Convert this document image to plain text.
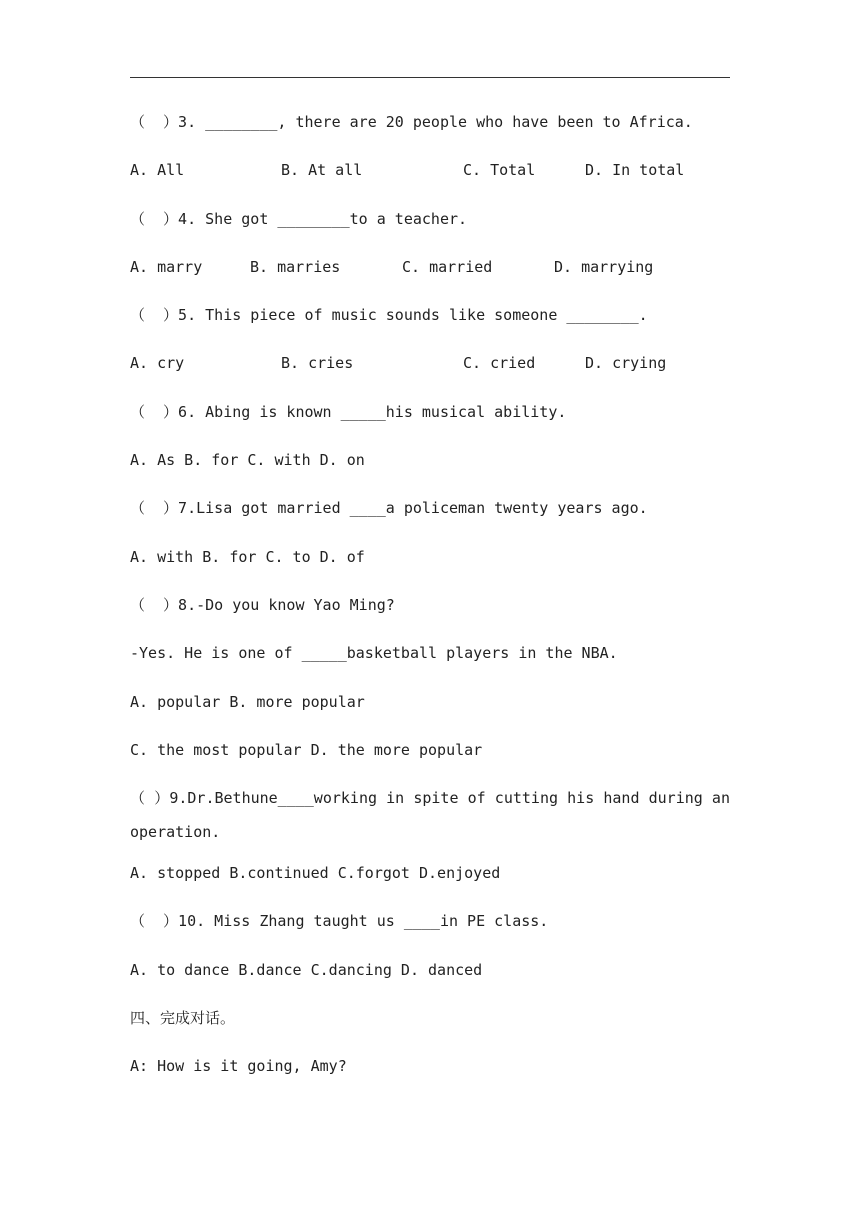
（  ）3. ________, there are 20 people who have been to Africa.
A. All	B. At all	C. Total	D. In total
（  ）4. She got ________to a teacher.
A. marry	B. marries	C. married	D. marrying
（  ）5. This piece of music sounds like someone ________.
A. cry	B. cries	C. cried	D. crying
（  ）6. Abing is known _____his musical ability.
A. As B. for C. with D. on
（  ）7.Lisa got married ____a policeman twenty years ago.
A. with B. for C. to D. of
（  ）8.-Do you know Yao Ming?
-Yes. He is one of _____basketball players in the NBA.
A. popular B. more popular
C. the most popular D. the more popular
（ ）9.Dr.Bethune____working in spite of cutting his hand during an operation.
A. stopped B.continued C.forgot D.enjoyed
（  ）10. Miss Zhang taught us ____in PE class.
A. to dance B.dance C.dancing D. danced
四、完成对话。
A: How is it going, Amy?
